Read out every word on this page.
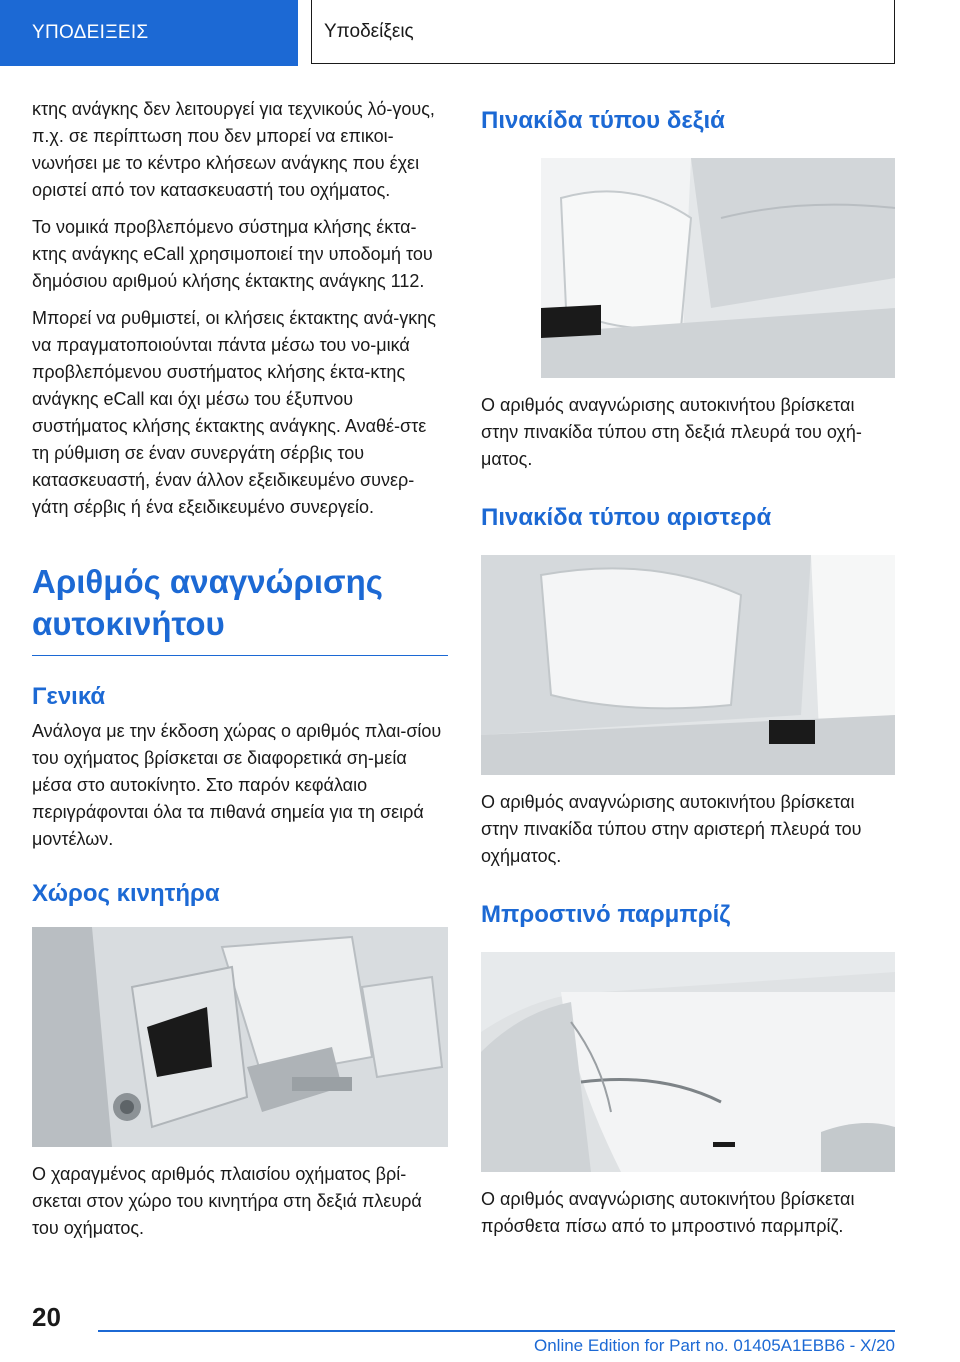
ΥΠΟΔΕΙΞΕΙΣ	Υποδείξεις

κτης ανάγκης δεν λειτουργεί για τεχνικούς λό-γους, π.χ. σε περίπτωση που δεν μπορεί να επικοι-νωνήσει με το κέντρο κλήσεων ανάγκης που έχει οριστεί από τον κατασκευαστή του οχήματος.

Το νομικά προβλεπόμενο σύστημα κλήσης έκτα-κτης ανάγκης eCall χρησιμοποιεί την υποδομή του δημόσιου αριθμού κλήσης έκτακτης ανάγκης 112.

Μπορεί να ρυθμιστεί, οι κλήσεις έκτακτης ανά-γκης να πραγματοποιούνται πάντα μέσω του νο-μικά προβλεπόμενου συστήματος κλήσης έκτα-κτης ανάγκης eCall και όχι μέσω του έξυπνου συστήματος κλήσης έκτακτης ανάγκης. Αναθέ-στε τη ρύθμιση σε έναν συνεργάτη σέρβις του κατασκευαστή, έναν άλλον εξειδικευμένο συνερ-γάτη σέρβις ή ένα εξειδικευμένο συνεργείο.

Αριθμός αναγνώρισης αυτοκινήτου
Γενικά

Ανάλογα με την έκδοση χώρας ο αριθμός πλαι-σίου του οχήματος βρίσκεται σε διαφορετικά ση-μεία μέσα στο αυτοκίνητο. Στο παρόν κεφάλαιο περιγράφονται όλα τα πιθανά σημεία για τη σειρά μοντέλων.

Χώρος κινητήρα

Ο χαραγμένος αριθμός πλαισίου οχήματος βρί-σκεται στον χώρο του κινητήρα στη δεξιά πλευρά του οχήματος.

Πινακίδα τύπου δεξιά

Ο αριθμός αναγνώρισης αυτοκινήτου βρίσκεται στην πινακίδα τύπου στη δεξιά πλευρά του οχή-ματος.

Πινακίδα τύπου αριστερά

Ο αριθμός αναγνώρισης αυτοκινήτου βρίσκεται στην πινακίδα τύπου στην αριστερή πλευρά του οχήματος.

Μπροστινό παρμπρίζ

Ο αριθμός αναγνώρισης αυτοκινήτου βρίσκεται πρόσθετα πίσω από το μπροστινό παρμπρίζ.

20
Online Edition for Part no. 01405A1EBB6 - X/20
